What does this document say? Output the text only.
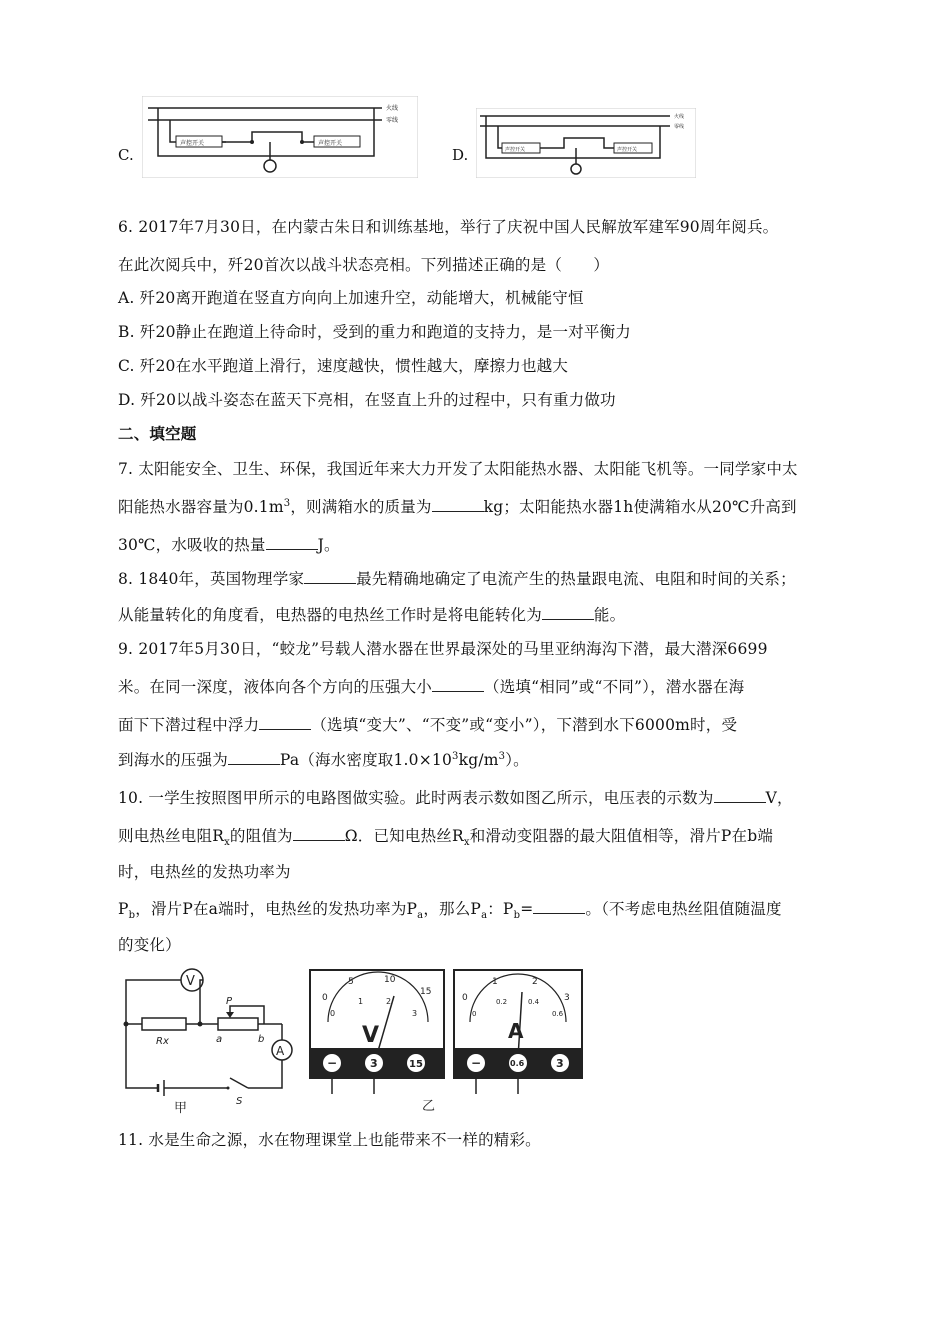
C.
火线
零线
声控开关	声控开关
D.
火线
零线
声控开关	声控开关
6. 2017年7月30日，在内蒙古朱日和训练基地，举行了庆祝中国人民解放军建军90周年阅兵。
在此次阅兵中，歼20首次以战斗状态亮相。下列描述正确的是（　　）
A. 歼20离开跑道在竖直方向向上加速升空，动能增大，机械能守恒
B. 歼20静止在跑道上待命时，受到的重力和跑道的支持力，是一对平衡力
C. 歼20在水平跑道上滑行，速度越快，惯性越大，摩擦力也越大
D. 歼20以战斗姿态在蓝天下亮相，在竖直上升的过程中，只有重力做功
二、填空题
7. 太阳能安全、卫生、环保，我国近年来大力开发了太阳能热水器、太阳能飞机等。一同学家中太
阳能热水器容量为$0.1m^3$，则满箱水的质量为	kg；太阳能热水器1h使满箱水从20℃升高到
30℃，水吸收的热量	J。
8. 1840年，英国物理学家	最先精确地确定了电流产生的热量跟电流、电阻和时间的关系；
从能量转化的角度看，电热器的电热丝工作时是将电能转化为	能。
9. 2017年5月30日，“蛟龙”号载人潜水器在世界最深处的马里亚纳海沟下潜，最大潜深6699
米。在同一深度，液体向各个方向的压强大小	（选填“相同”或“不同”），潜水器在海
面下下潜过程中浮力	（选填“变大”、“不变”或“变小”），下潜到水下6000m时，受
到海水的压强为	Pa（海水密度取$1.0\times 10^3kg/m^3$）。
10. 一学生按照图甲所示的电路图做实验。此时两表示数如图乙所示，电压表的示数为	V，
则电热丝电阻$R_x$的阻值为	Ω．已知电热丝$R_x$和滑动变阻器的最大阻值相等，滑片P在b端
时，电热丝的发热功率为
$P_b$，滑片P在a端时，电热丝的发热功率为$P_a$，那么$P_a$：$P_b=$	。（不考虑电热丝阻值随温度
的变化）
V
Rx	a	b
P
A
S
甲
0
5	10
15
0
1	2
3
V
−	3	15
乙
0
1	2
3
0
0.2	0.4
0.6
A
−	0.6	3
11. 水是生命之源，水在物理课堂上也能带来不一样的精彩。
